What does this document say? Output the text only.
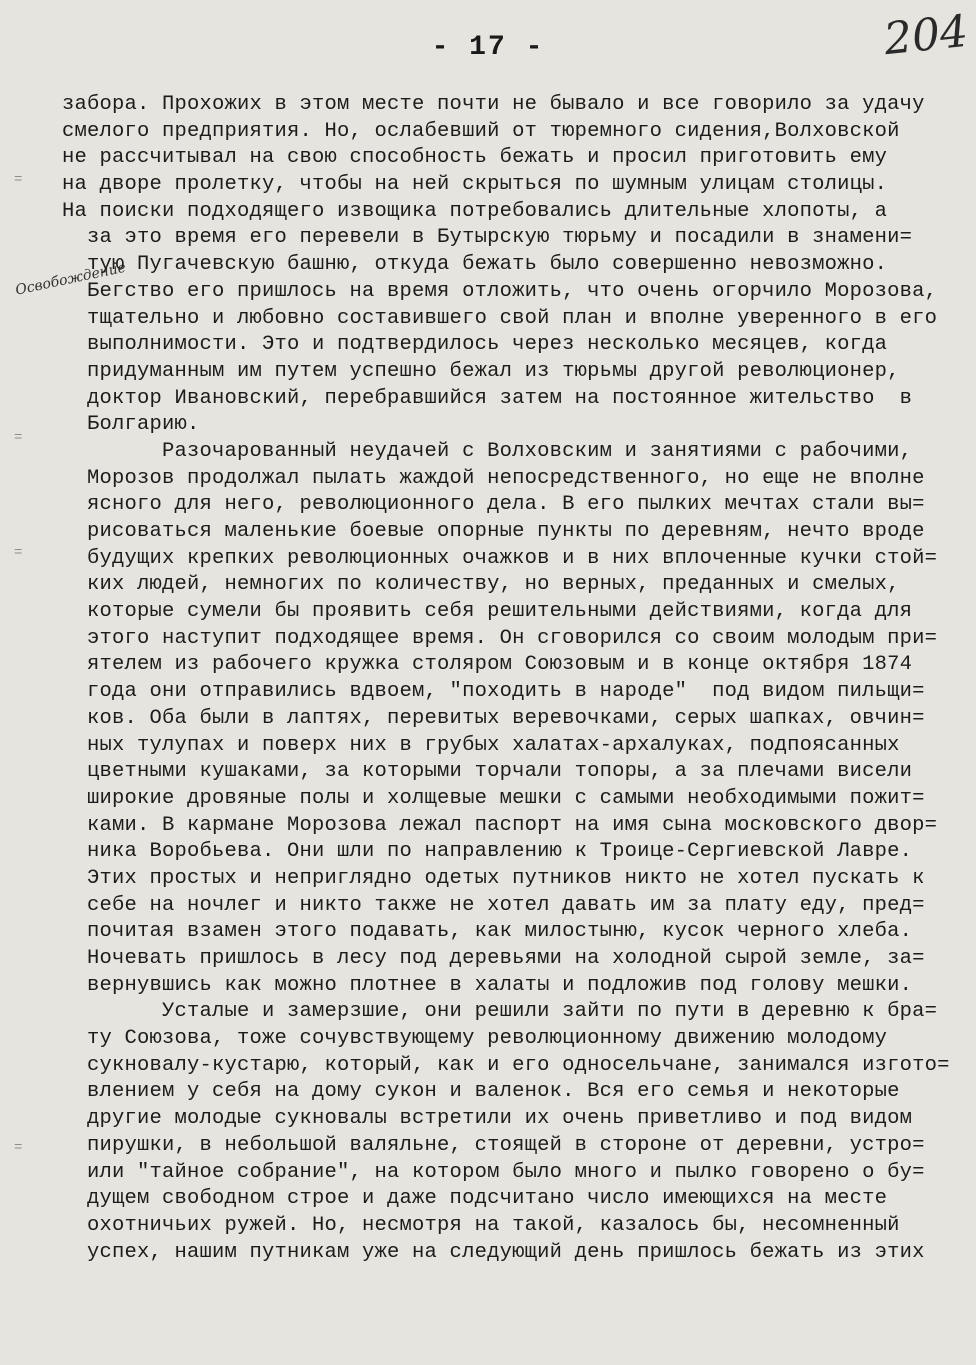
- 17 -	204
Освобождение
=
=
=
=
забора. Прохожих в этом месте почти не бывало и все говорило за удачу
смелого предприятия. Но, ослабевший от тюремного сидения,Волховской
не рассчитывал на свою способность бежать и просил приготовить ему
на дворе пролетку, чтобы на ней скрыться по шумным улицам столицы.
На поиски подходящего извощика потребовались длительные хлопоты, а
за это время его перевели в Бутырскую тюрьму и посадили в знамени=
тую Пугачевскую башню, откуда бежать было совершенно невозможно.
Бегство его пришлось на время отложить, что очень огорчило Морозова,
тщательно и любовно составившего свой план и вполне уверенного в его
выполнимости. Это и подтвердилось через несколько месяцев, когда
придуманным им путем успешно бежал из тюрьмы другой революционер,
доктор Ивановский, перебравшийся затем на постоянное жительство  в
Болгарию.
Разочарованный неудачей с Волховским и занятиями с рабочими,
Морозов продолжал пылать жаждой непосредственного, но еще не вполне
ясного для него, революционного дела. В его пылких мечтах стали вы=
рисоваться маленькие боевые опорные пункты по деревням, нечто вроде
будущих крепких революционных очажков и в них вплоченные кучки стой=
ких людей, немногих по количеству, но верных, преданных и смелых,
которые сумели бы проявить себя решительными действиями, когда для
этого наступит подходящее время. Он сговорился со своим молодым при=
ятелем из рабочего кружка столяром Союзовым и в конце октября 1874
года они отправились вдвоем, "походить в народе"  под видом пильщи=
ков. Оба были в лаптях, перевитых веревочками, серых шапках, овчин=
ных тулупах и поверх них в грубых халатах-архалуках, подпоясанных
цветными кушаками, за которыми торчали топоры, а за плечами висели
широкие дровяные полы и холщевые мешки с самыми необходимыми пожит=
ками. В кармане Морозова лежал паспорт на имя сына московского двор=
ника Воробьева. Они шли по направлению к Троице-Сергиевской Лавре.
Этих простых и неприглядно одетых путников никто не хотел пускать к
себе на ночлег и никто также не хотел давать им за плату еду, пред=
почитая взамен этого подавать, как милостыню, кусок черного хлеба.
Ночевать пришлось в лесу под деревьями на холодной сырой земле, за=
вернувшись как можно плотнее в халаты и подложив под голову мешки.
Усталые и замерзшие, они решили зайти по пути в деревню к бра=
ту Союзова, тоже сочувствующему революционному движению молодому
сукновалу-кустарю, который, как и его односельчане, занимался изгото=
влением у себя на дому сукон и валенок. Вся его семья и некоторые
другие молодые сукновалы встретили их очень приветливо и под видом
пирушки, в небольшой валяльне, стоящей в стороне от деревни, устро=
или "тайное собрание", на котором было много и пылко говорено о бу=
дущем свободном строе и даже подсчитано число имеющихся на месте
охотничьих ружей. Но, несмотря на такой, казалось бы, несомненный
успех, нашим путникам уже на следующий день пришлось бежать из этих
